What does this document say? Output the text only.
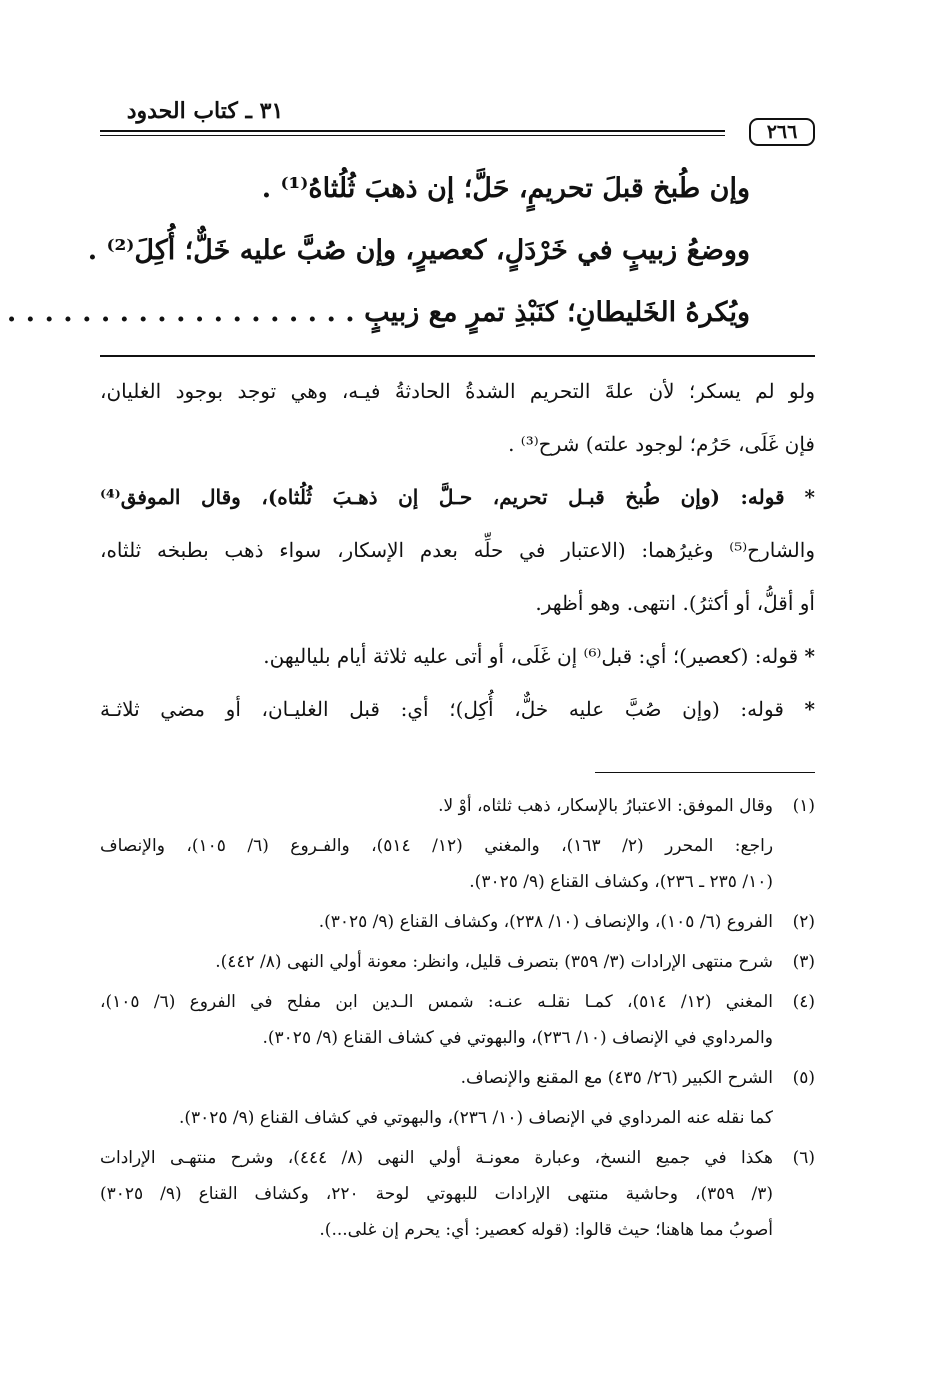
٣١ ـ كتاب الحدود
٢٦٦
وإن طُبخ قبلَ تحريمٍ، حَلَّ؛ إن ذهبَ ثُلُثاهُ⁽¹⁾ .
ووضعُ زبيبٍ في خَرْدَلٍ، كعصيرٍ، وإن صُبَّ عليه خَلٌّ؛ أُكِلَ⁽²⁾ .
ويُكرهُ الخَليطانِ؛ كنَبْذِ تمرٍ مع زبيبٍ . . . . . . . . . . . . . . . . . . .
ولو لم يسكر؛ لأن علةَ التحريم الشدةُ الحادثةُ فيـه، وهي توجد بوجود الغليان،
فإن غَلَى، حَرُم؛ لوجود علته) شرح⁽³⁾ .
* قوله: (وإن طُبخ قبـل تحريم، حـلَّ إن ذهـبَ ثُلُثاه)، وقال الموفق⁽⁴⁾
والشارح⁽⁵⁾ وغيرُهما: (الاعتبار في حلِّه بعدم الإسكار، سواء ذهب بطبخه ثلثاه،
أو أقلُّ، أو أكثرُ). انتهى. وهو أظهر.
* قوله: (كعصير)؛ أي: قبل⁽⁶⁾ إن غَلَى، أو أتى عليه ثلاثة أيام بلياليهن.
* قوله: (وإن صُبَّ عليه خلٌّ، أُكِل)؛ أي: قبل الغليـان، أو مضي ثلاثـة
(١)
وقال الموفق: الاعتبارُ بالإسكار، ذهب ثلثاه، أوْ لا.
راجع: المحرر (٢/ ١٦٣)، والمغني (١٢/ ٥١٤)، والفـروع (٦/ ١٠٥)، والإنصاف
(١٠/ ٢٣٥ ـ ٢٣٦)، وكشاف القناع (٩/ ٣٠٢٥).
(٢)
الفروع (٦/ ١٠٥)، والإنصاف (١٠/ ٢٣٨)، وكشاف القناع (٩/ ٣٠٢٥).
(٣)
شرح منتهى الإرادات (٣/ ٣٥٩) بتصرف قليل، وانظر: معونة أولي النهى (٨/ ٤٤٢).
(٤)
المغني (١٢/ ٥١٤)، كمـا نقلـه عنـه: شمس الـدين ابن مفلح في الفروع (٦/ ١٠٥)،
والمرداوي في الإنصاف (١٠/ ٢٣٦)، والبهوتي في كشاف القناع (٩/ ٣٠٢٥).
(٥)
الشرح الكبير (٢٦/ ٤٣٥) مع المقنع والإنصاف.
كما نقله عنه المرداوي في الإنصاف (١٠/ ٢٣٦)، والبهوتي في كشاف القناع (٩/ ٣٠٢٥).
(٦)
هكذا في جميع النسخ، وعبارة معونـة أولي النهى (٨/ ٤٤٤)، وشرح منتهـى الإرادات
(٣/ ٣٥٩)، وحاشية منتهى الإرادات للبهوتي لوحة ٢٢٠، وكشاف القناع (٩/ ٣٠٢٥)
أصوبُ مما هاهنا؛ حيث قالوا: (قوله كعصير: أي: يحرم إن غلى...).
